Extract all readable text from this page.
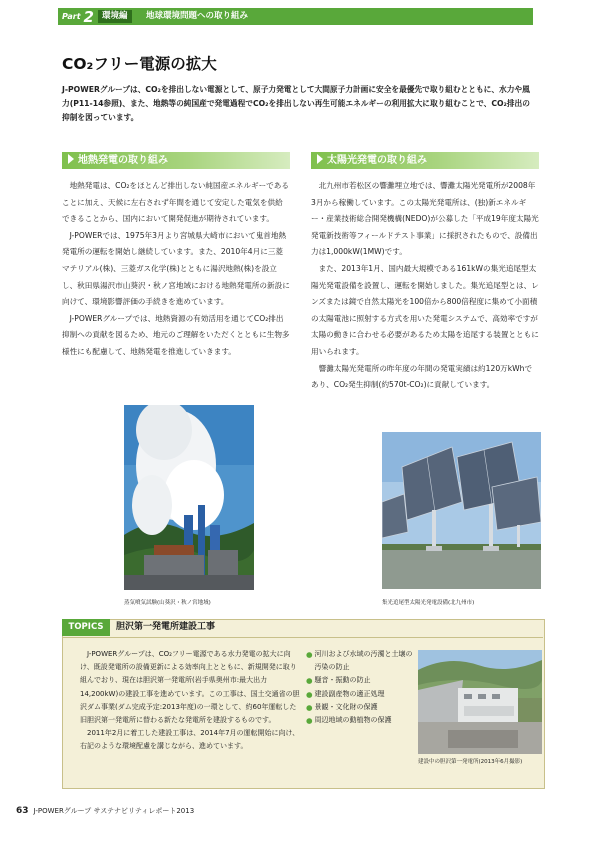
Part 2 環境編	地球環境問題への取り組み
CO₂フリー電源の拡大
J-POWERグループは、CO₂を排出しない電源として、原子力発電として大間原子力計画に安全を最優先で取り組むとともに、水力や風力(P11-14参照)、また、地熱等の純国産で発電過程でCO₂を排出しない再生可能エネルギーの利用拡大に取り組むことで、CO₂排出の抑制を図っています。
地熱発電の取り組み	太陽光発電の取り組み

地熱発電は、CO₂をほとんど排出しない純国産エネルギーであることに加え、天候に左右されず年間を通じて安定した電気を供給できることから、国内において開発促進が期待されています。

J-POWERでは、1975年3月より宮城県大崎市において鬼首地熱発電所の運転を開始し継続しています。また、2010年4月に三菱マテリアル(株)、三菱ガス化学(株)とともに湯沢地熱(株)を設立し、秋田県湯沢市山葵沢・秋ノ宮地域における地熱発電所の新設に向けて、環境影響評価の手続きを進めています。

J-POWERグループでは、地熱資源の有効活用を通じてCO₂排出抑制への貢献を図るため、地元のご理解をいただくとともに生物多様性にも配慮して、地熱発電を推進していきます。

北九州市若松区の響灘埋立地では、響灘太陽光発電所が2008年3月から稼働しています。この太陽光発電所は、(独)新エネルギー・産業技術総合開発機構(NEDO)が公募した「平成19年度太陽光発電新技術等フィールドテスト事業」に採択されたもので、設備出力は1,000kW(1MW)です。

また、2013年1月、国内最大規模である161kWの集光追尾型太陽光発電設備を設置し、運転を開始しました。集光追尾型とは、レンズまたは鏡で自然太陽光を100倍から800倍程度に集めて小面積の太陽電池に照射する方式を用いた発電システムで、高効率ですが太陽の動きに合わせる必要があるため太陽を追尾する装置とともに用いられます。

響灘太陽光発電所の昨年度の年間の発電実績は約120万kWhであり、CO₂発生抑制(約570t-CO₂)に貢献しています。

蒸気噴気試験(山葵沢・秋ノ宮地域)	集光追尾型太陽光発電設備(北九州市)
TOPICS	胆沢第一発電所建設工事

J-POWERグループは、CO₂フリー電源である水力発電の拡大に向け、既設発電所の設備更新による効率向上とともに、新規開発に取り組んでおり、現在は胆沢第一発電所(岩手県奥州市:最大出力14,200kW)の建設工事を進めています。この工事は、国土交通省の胆沢ダム事業(ダム完成予定:2013年度)の一環として、約60年運転した旧胆沢第一発電所に替わる新たな発電所を建設するものです。

2011年2月に着工した建設工事は、2014年7月の運転開始に向け、右記のような環境配慮を講じながら、進めています。

● 河川および水域の汚濁と土壌の汚染の防止
● 騒音・振動の防止
● 建設副産物の適正処理
● 景観・文化財の保護
● 周辺地域の動植物の保護
建設中の胆沢第一発電所(2013年6月撮影)
63 J-POWERグループ サステナビリティレポート2013
